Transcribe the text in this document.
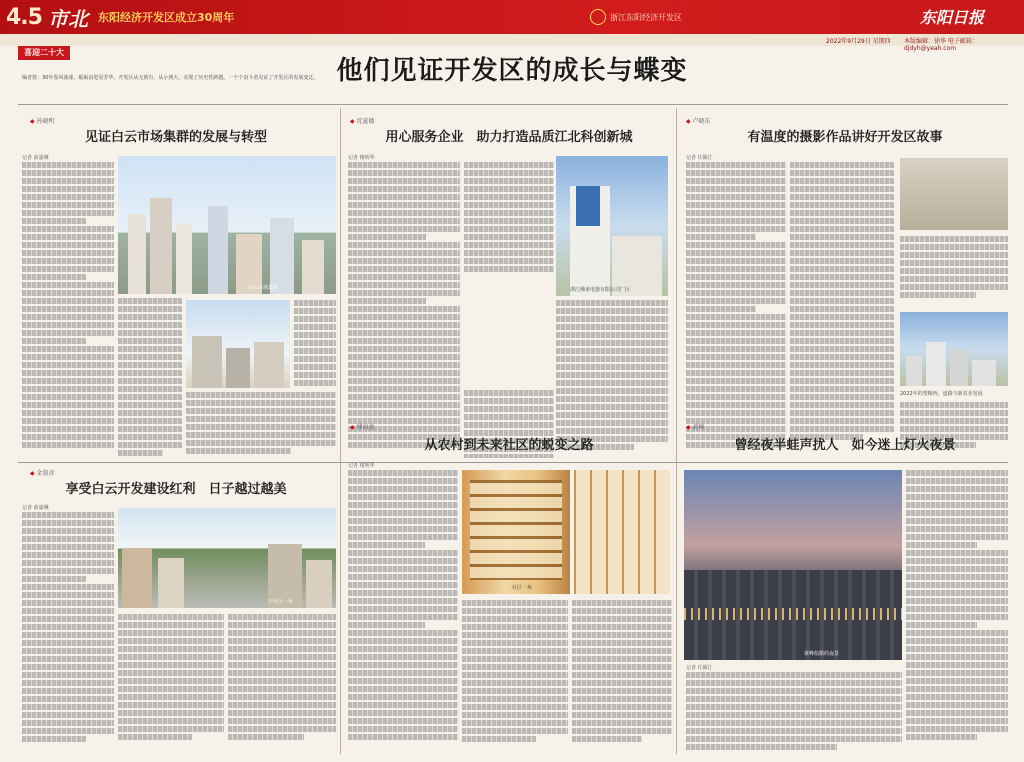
4.5 市北 东阳经济开发区成立30周年	浙江东阳经济开发区	东阳日报
2022年9月29日 星期四 本版编辑：徐华 电子邮箱：djdyh@yeah.com
喜迎二十大
他们见证开发区的成长与蝶变
编者按：30年春风荡漾，砥砺奋进显芳华。开发区从无到有，从小到大，实现了历史性跨越。一个个奋斗者见证了开发区的发展变迁。
◆ 孙晓明
见证白云市场集群的发展与转型
记者 俞嘉琳
白云市场集群
◆ 沈夏德
用心服务企业　助力打造品质江北科创新城
记者 楼明华
浙江佛甫电器有限公司厂区
◆ 卢晓东
有温度的摄影作品讲好开发区故事
记者 任颖江
2022年的望粮西，道路与新农业发展
◆ 金叙彦
享受白云开发建设红利　日子越过越美
记者 俞嘉琳
开发区一角
◆ 傅海龙
从农村到未来社区的蜕变之路
记者 楼明华
社区一角
◆ 黄峰
曾经夜半蛙声扰人　如今迷上灯火夜景
黄峰拍摄的夜景
记者 任颖江
